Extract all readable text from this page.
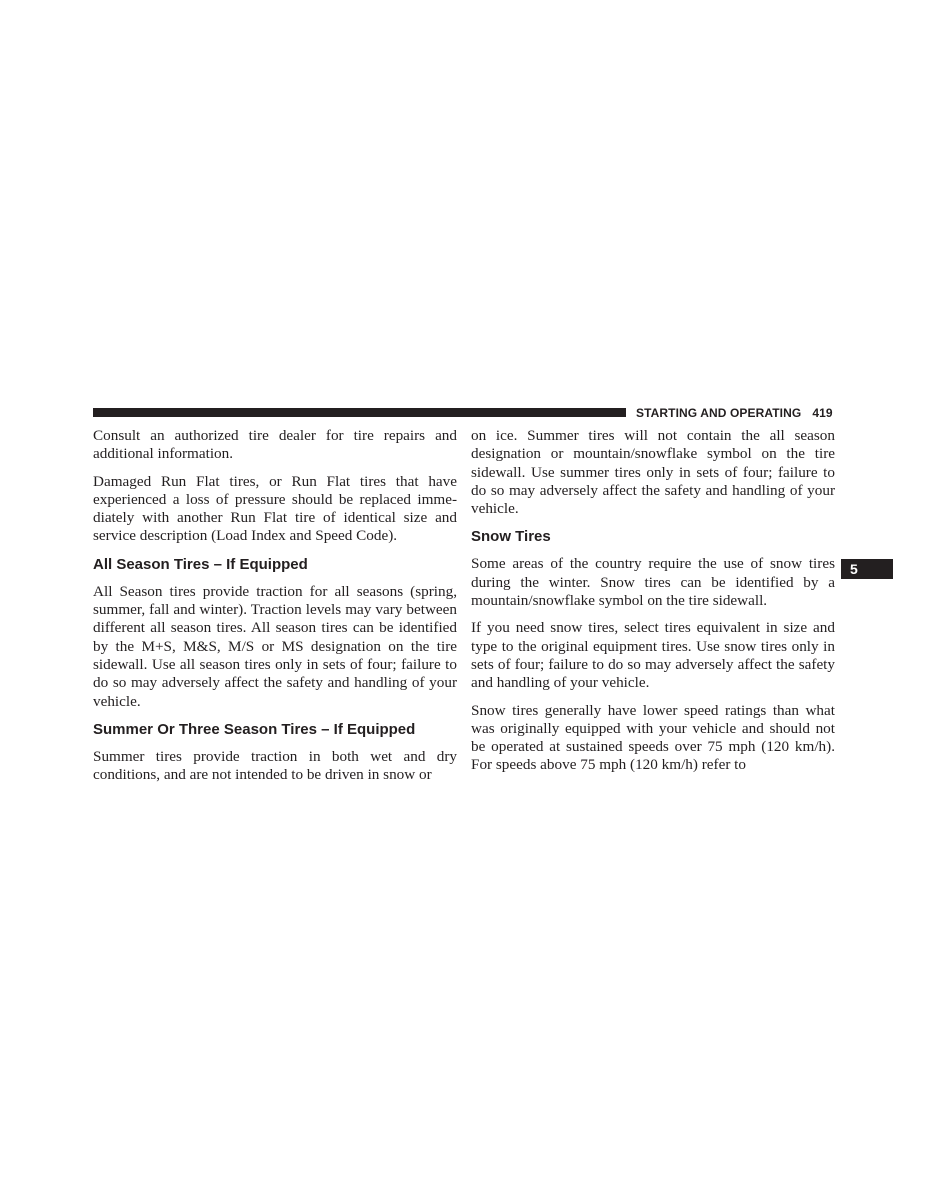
STARTING AND OPERATING 419
5

Consult an authorized tire dealer for tire repairs and additional information.

Damaged Run Flat tires, or Run Flat tires that have experienced a loss of pressure should be replaced immediately with another Run Flat tire of identical size and service description (Load Index and Speed Code).

All Season Tires – If Equipped

All Season tires provide traction for all seasons (spring, summer, fall and winter). Traction levels may vary between different all season tires. All season tires can be identified by the M+S, M&S, M/S or MS designation on the tire sidewall. Use all season tires only in sets of four; failure to do so may adversely affect the safety and handling of your vehicle.

Summer Or Three Season Tires – If Equipped

Summer tires provide traction in both wet and dry conditions, and are not intended to be driven in snow or

on ice. Summer tires will not contain the all season designation or mountain/snowflake symbol on the tire sidewall. Use summer tires only in sets of four; failure to do so may adversely affect the safety and handling of your vehicle.

Snow Tires

Some areas of the country require the use of snow tires during the winter. Snow tires can be identified by a mountain/snowflake symbol on the tire sidewall.

If you need snow tires, select tires equivalent in size and type to the original equipment tires. Use snow tires only in sets of four; failure to do so may adversely affect the safety and handling of your vehicle.

Snow tires generally have lower speed ratings than what was originally equipped with your vehicle and should not be operated at sustained speeds over 75 mph (120 km/h). For speeds above 75 mph (120 km/h) refer to
